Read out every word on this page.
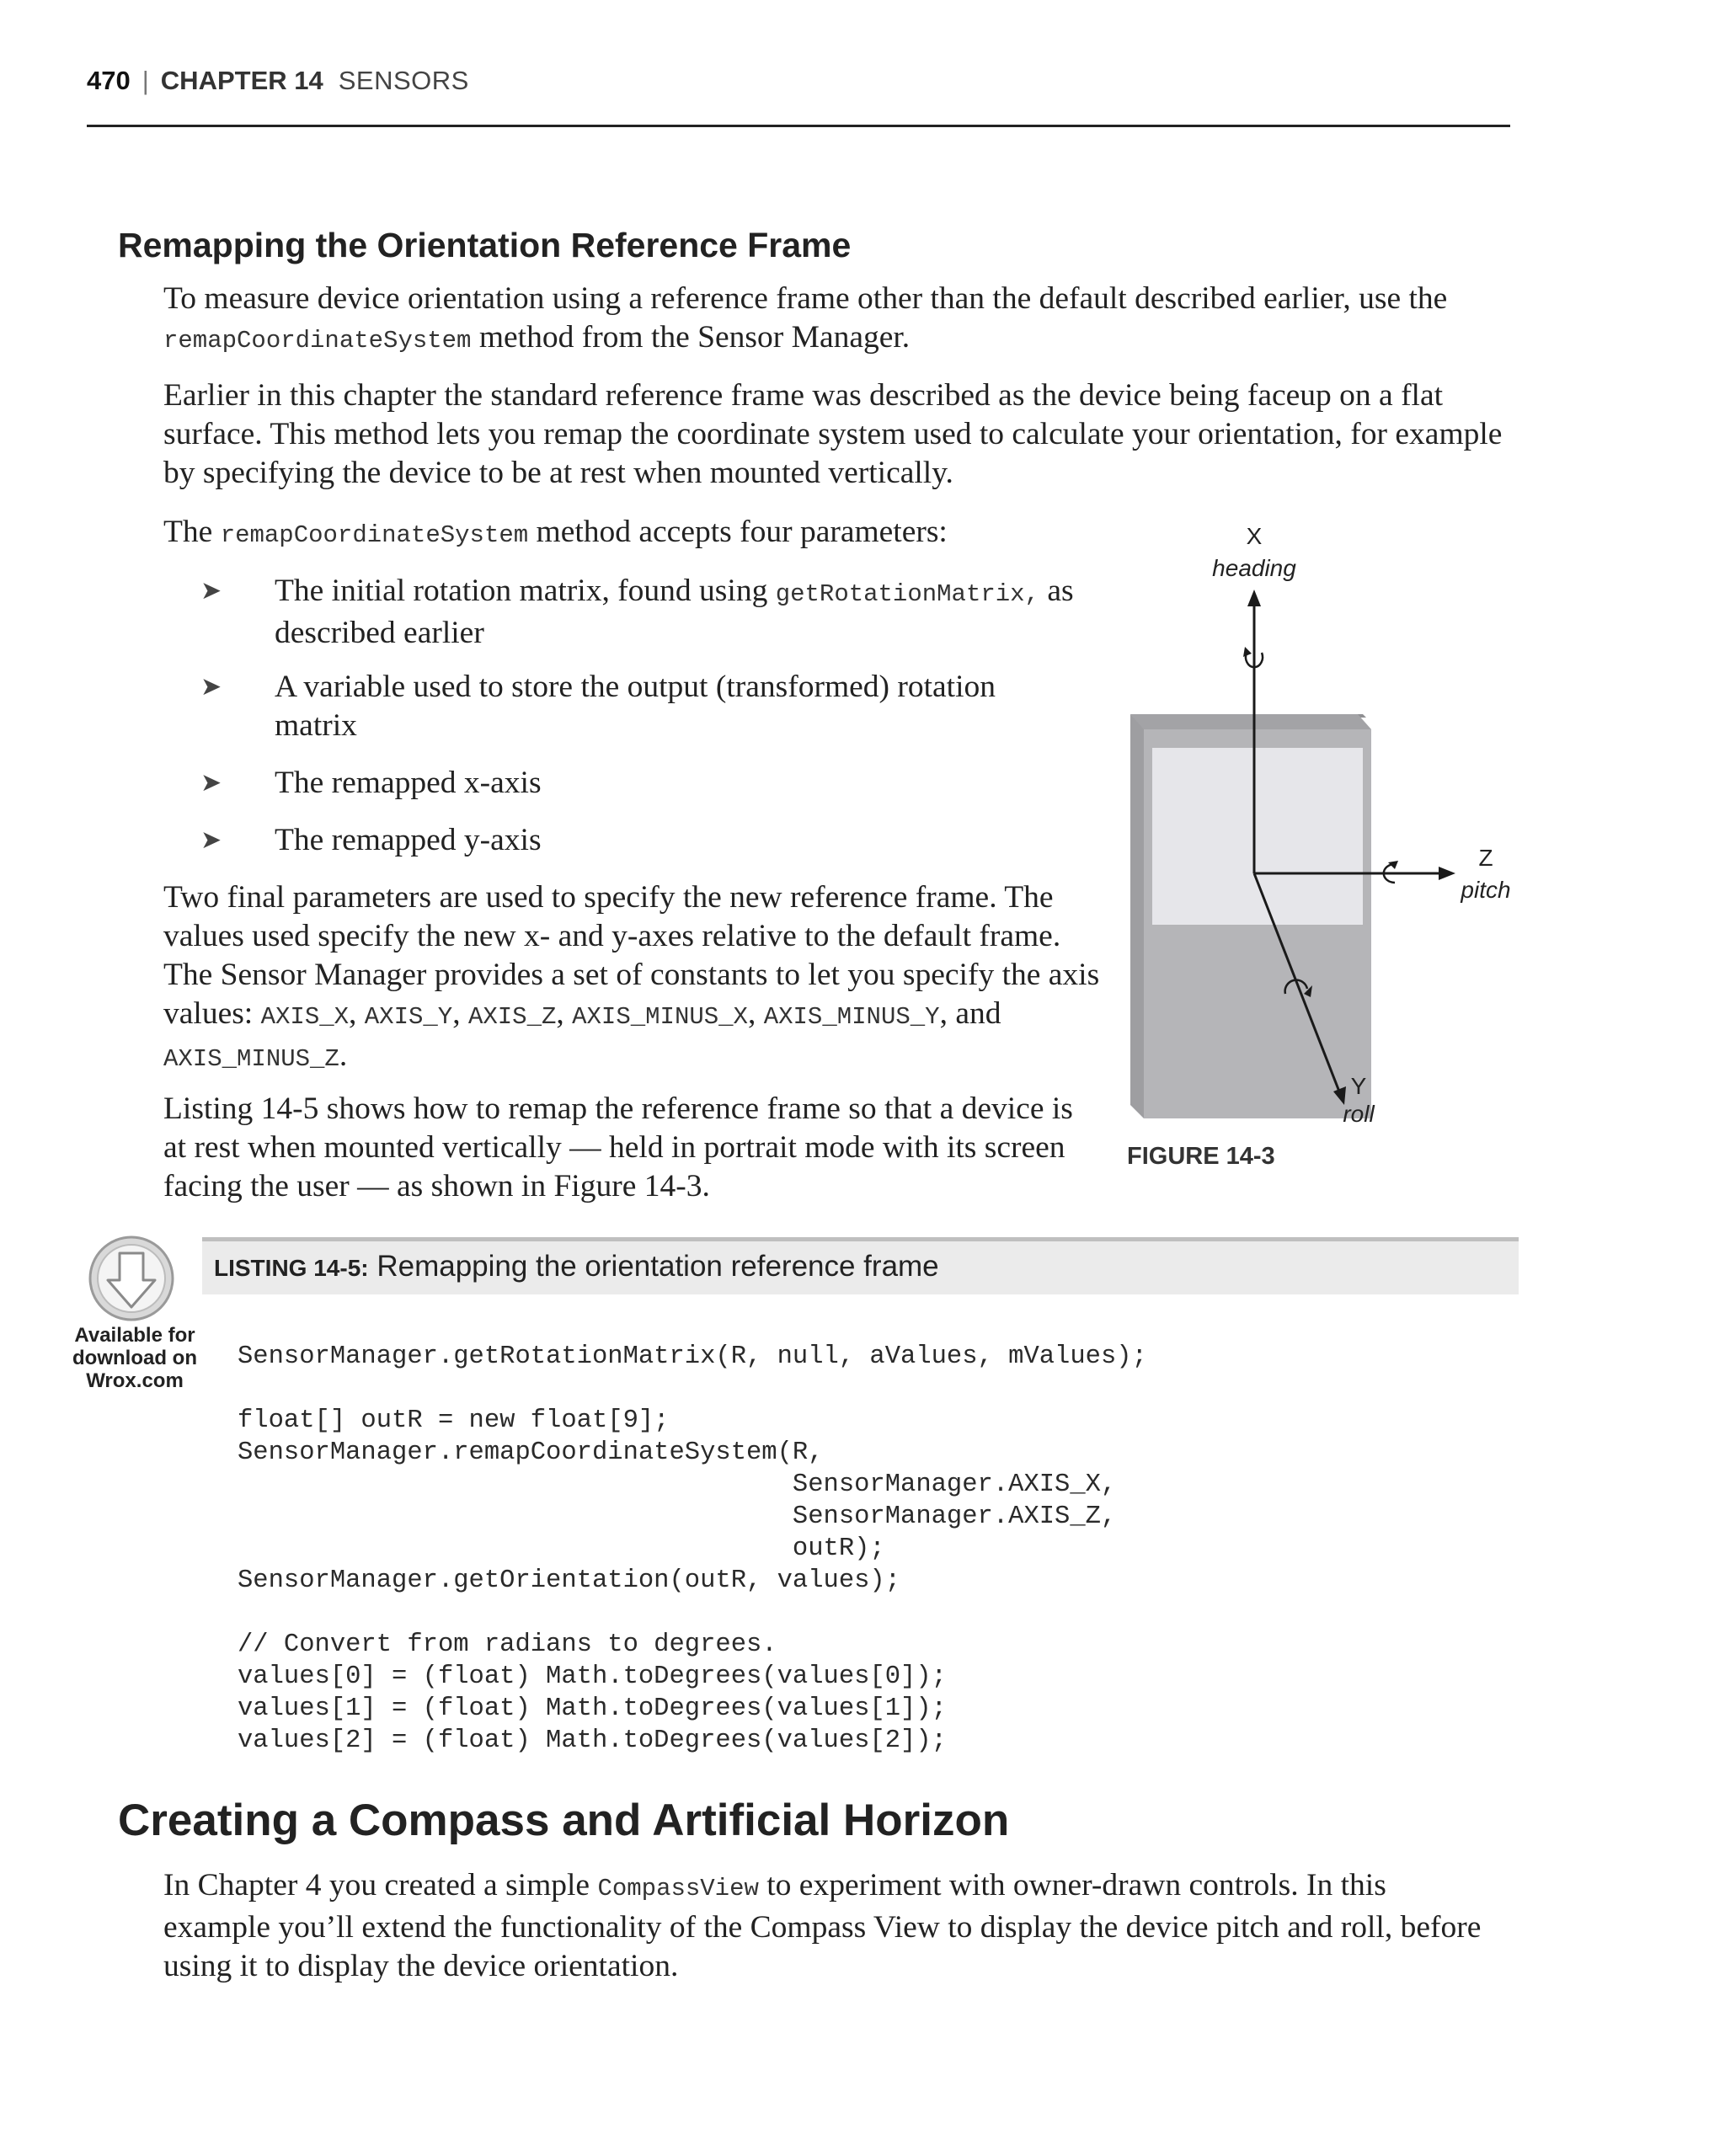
470 | CHAPTER 14 SENSORS
Remapping the Orientation Reference Frame
To measure device orientation using a reference frame other than the default described earlier, use the remapCoordinateSystem method from the Sensor Manager.
Earlier in this chapter the standard reference frame was described as the device being faceup on a flat surface. This method lets you remap the coordinate system used to calculate your orientation, for example by specifying the device to be at rest when mounted vertically.
The remapCoordinateSystem method accepts four parameters:
➤ The initial rotation matrix, found using getRotationMatrix, as described earlier
➤ A variable used to store the output (transformed) rotation matrix
➤ The remapped x-axis
➤ The remapped y-axis
Two final parameters are used to specify the new reference frame. The values used specify the new x- and y-axes relative to the default frame. The Sensor Manager provides a set of constants to let you specify the axis values: AXIS_X, AXIS_Y, AXIS_Z, AXIS_MINUS_X, AXIS_MINUS_Y, and AXIS_MINUS_Z.
Listing 14-5 shows how to remap the reference frame so that a device is at rest when mounted vertically — held in portrait mode with its screen facing the user — as shown in Figure 14-3.
X
heading
Z
pitch
Y
roll
FIGURE 14-3
LISTING 14-5: Remapping the orientation reference frame
Available for
download on
Wrox.com
SensorManager.getRotationMatrix(R, null, aValues, mValues);

float[] outR = new float[9];
SensorManager.remapCoordinateSystem(R,
SensorManager.AXIS_X,
SensorManager.AXIS_Z,
outR);
SensorManager.getOrientation(outR, values);

// Convert from radians to degrees.
values[0] = (float) Math.toDegrees(values[0]);
values[1] = (float) Math.toDegrees(values[1]);
values[2] = (float) Math.toDegrees(values[2]);
Creating a Compass and Artificial Horizon
In Chapter 4 you created a simple CompassView to experiment with owner-drawn controls. In this example you’ll extend the functionality of the Compass View to display the device pitch and roll, before using it to display the device orientation.
